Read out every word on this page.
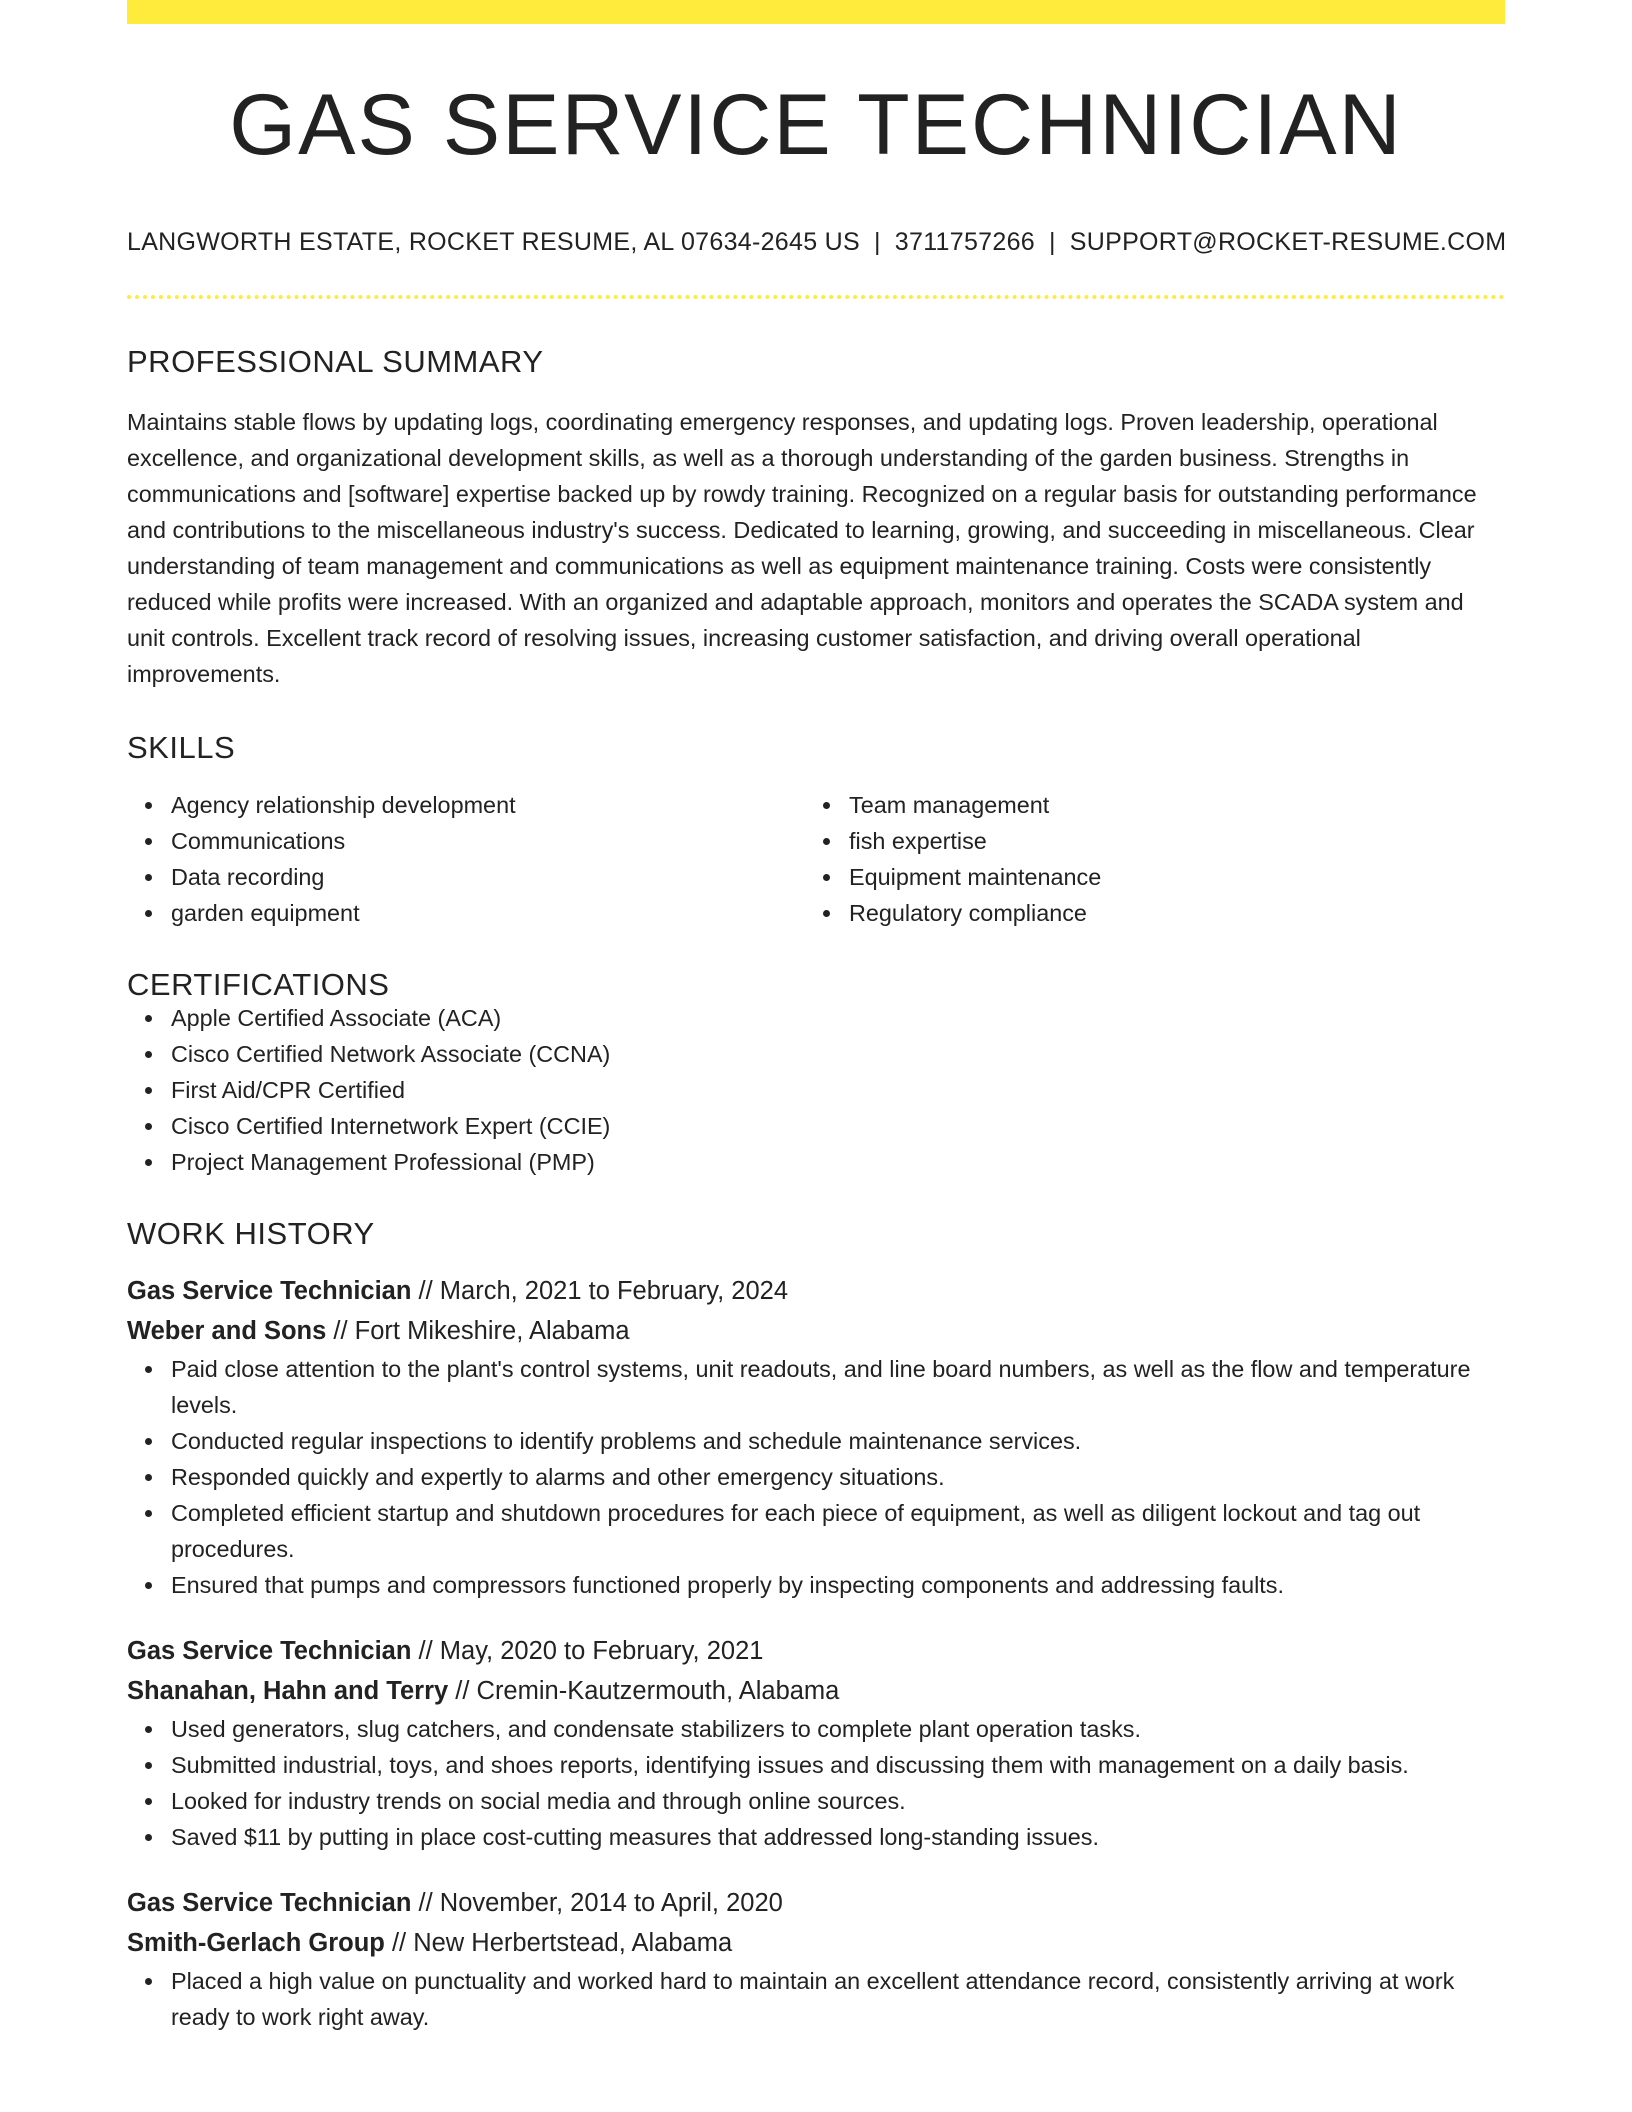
GAS SERVICE TECHNICIAN
LANGWORTH ESTATE, ROCKET RESUME, AL 07634-2645 US | 3711757266 | SUPPORT@ROCKET-RESUME.COM
PROFESSIONAL SUMMARY
Maintains stable flows by updating logs, coordinating emergency responses, and updating logs. Proven leadership, operational excellence, and organizational development skills, as well as a thorough understanding of the garden business. Strengths in communications and [software] expertise backed up by rowdy training. Recognized on a regular basis for outstanding performance and contributions to the miscellaneous industry's success. Dedicated to learning, growing, and succeeding in miscellaneous. Clear understanding of team management and communications as well as equipment maintenance training. Costs were consistently reduced while profits were increased. With an organized and adaptable approach, monitors and operates the SCADA system and unit controls. Excellent track record of resolving issues, increasing customer satisfaction, and driving overall operational improvements.
SKILLS
Agency relationship development
Communications
Data recording
garden equipment
Team management
fish expertise
Equipment maintenance
Regulatory compliance
CERTIFICATIONS
Apple Certified Associate (ACA)
Cisco Certified Network Associate (CCNA)
First Aid/CPR Certified
Cisco Certified Internetwork Expert (CCIE)
Project Management Professional (PMP)
WORK HISTORY
Gas Service Technician // March, 2021 to February, 2024
Weber and Sons // Fort Mikeshire, Alabama
Paid close attention to the plant's control systems, unit readouts, and line board numbers, as well as the flow and temperature levels.
Conducted regular inspections to identify problems and schedule maintenance services.
Responded quickly and expertly to alarms and other emergency situations.
Completed efficient startup and shutdown procedures for each piece of equipment, as well as diligent lockout and tag out procedures.
Ensured that pumps and compressors functioned properly by inspecting components and addressing faults.
Gas Service Technician // May, 2020 to February, 2021
Shanahan, Hahn and Terry // Cremin-Kautzermouth, Alabama
Used generators, slug catchers, and condensate stabilizers to complete plant operation tasks.
Submitted industrial, toys, and shoes reports, identifying issues and discussing them with management on a daily basis.
Looked for industry trends on social media and through online sources.
Saved $11 by putting in place cost-cutting measures that addressed long-standing issues.
Gas Service Technician // November, 2014 to April, 2020
Smith-Gerlach Group // New Herbertstead, Alabama
Placed a high value on punctuality and worked hard to maintain an excellent attendance record, consistently arriving at work ready to work right away.
